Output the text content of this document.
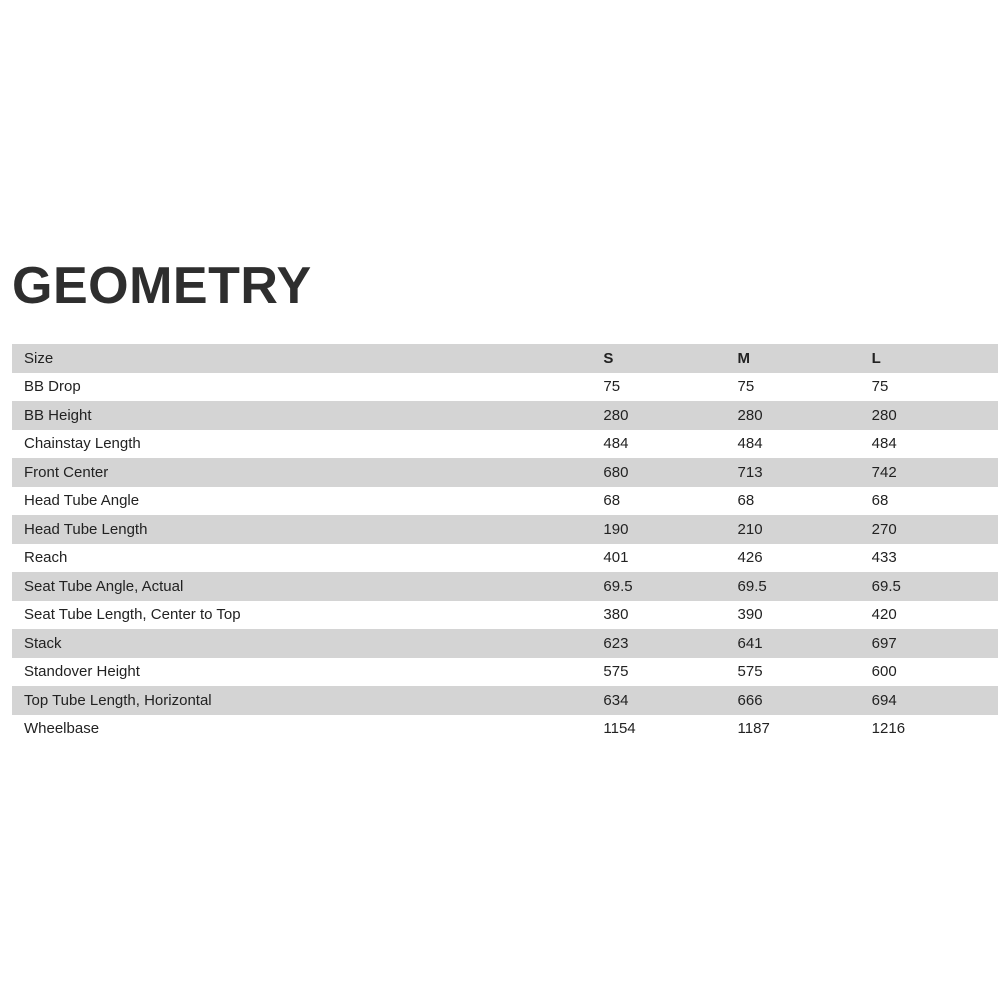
GEOMETRY
Size	S	M	L
BB Drop	75	75	75
BB Height	280	280	280
Chainstay Length	484	484	484
Front Center	680	713	742
Head Tube Angle	68	68	68
Head Tube Length	190	210	270
Reach	401	426	433
Seat Tube Angle, Actual	69.5	69.5	69.5
Seat Tube Length, Center to Top	380	390	420
Stack	623	641	697
Standover Height	575	575	600
Top Tube Length, Horizontal	634	666	694
Wheelbase	1154	1187	1216
